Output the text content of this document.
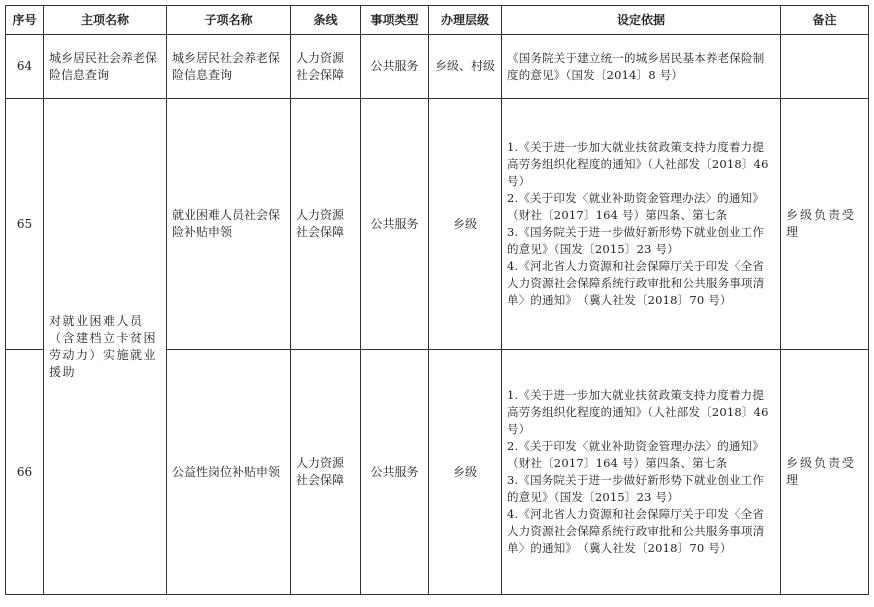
序号	主项名称	子项名称	条线	事项类型	办理层级	设定依据	备注
64	城乡居民社会养老保险信息查询	城乡居民社会养老保险信息查询	人力资源社会保障	公共服务	乡级、村级	《国务院关于建立统一的城乡居民基本养老保险制度的意见》（国发〔2014〕8 号）	

65	对就业困难人员（含建档立卡贫困劳动力）实施就业援助	就业困难人员社会保险补贴申领	人力资源社会保障	公共服务	乡级	1.《关于进一步加大就业扶贫政策支持力度着力提高劳务组织化程度的通知》（人社部发〔2018〕46 号）
2.《关于印发〈就业补助资金管理办法〉的通知》（财社〔2017〕164 号）第四条、第七条
3.《国务院关于进一步做好新形势下就业创业工作的意见》（国发〔2015〕23 号）
4.《河北省人力资源和社会保障厅关于印发〈全省人力资源社会保障系统行政审批和公共服务事项清单〉的通知》　（冀人社发〔2018〕70 号）	乡级负责受理
66		公益性岗位补贴申领	人力资源社会保障	公共服务	乡级	1.《关于进一步加大就业扶贫政策支持力度着力提高劳务组织化程度的通知》（人社部发〔2018〕46 号）
2.《关于印发〈就业补助资金管理办法〉的通知》（财社〔2017〕164 号）第四条、第七条
3.《国务院关于进一步做好新形势下就业创业工作的意见》（国发〔2015〕23 号）
4.《河北省人力资源和社会保障厅关于印发〈全省人力资源社会保障系统行政审批和公共服务事项清单〉的通知》　（冀人社发〔2018〕70 号）	乡级负责受理
